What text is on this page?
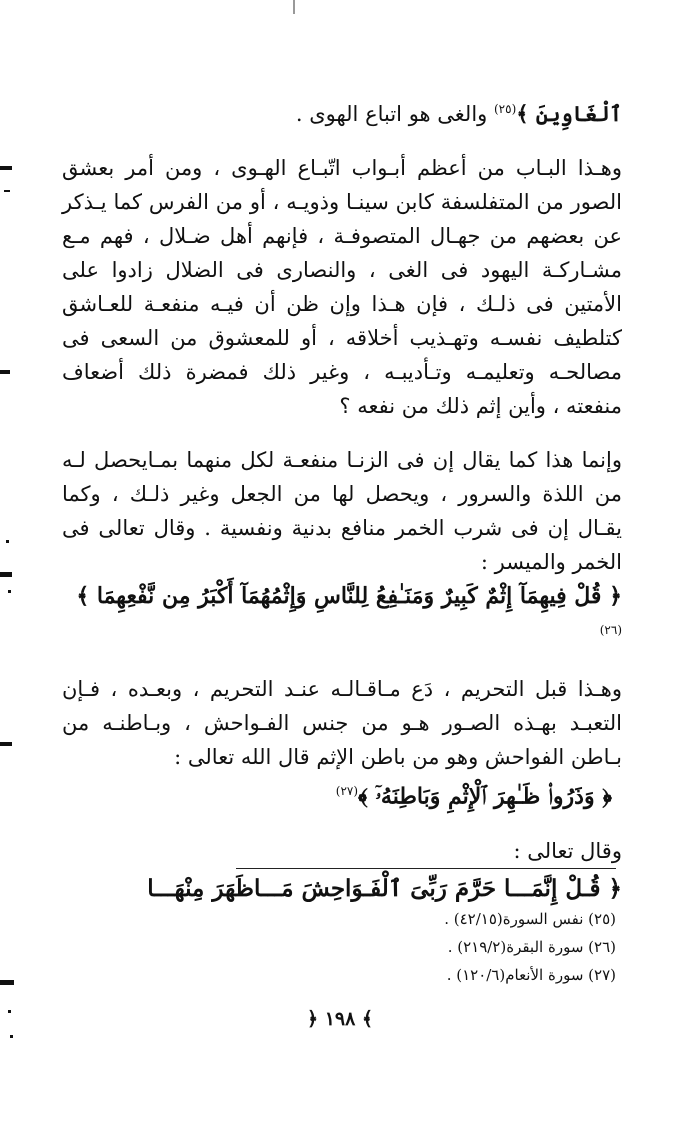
ٱلْغَاوِينَ ﴾$^{(٢٥)}$ والغى هو اتباع الهوى .

وهـذا البـاب من أعظم أبـواب اتّبـاع الهـوى ، ومن أمر بعشق الصور من المتفلسفة كابن سينـا وذويـه ، أو من الفرس كما يـذكر عن بعضهم من جهـال المتصوفـة ، فإنهم أهل ضـلال ، فهم مـع مشـاركـة اليهود فى الغى ، والنصارى فى الضلال زادوا على الأمتين فى ذلـك ، فإن هـذا وإن ظن أن فيـه منفعـة للعـاشق كتلطيف نفسـه وتهـذيب أخلاقه ، أو للمعشوق من السعى فى مصالحـه وتعليمـه وتـأديبـه ، وغير ذلك فمضرة ذلك أضعاف منفعته ، وأين إثم ذلك من نفعه ؟

وإنما هذا كما يقال إن فى الزنـا منفعـة لكل منهما بمـايحصل لـه من اللذة والسرور ، ويحصل لها من الجعل وغير ذلـك ، وكما يقـال إن فى شرب الخمر منافع بدنية ونفسية . وقال تعالى فى الخمر والميسر :

﴿ قُلْ فِيهِمَآ إِثْمٌ كَبِيرٌ وَمَنَـٰفِعُ لِلنَّاسِ وَإِثْمُهُمَآ أَكْبَرُ مِن نَّفْعِهِمَا ﴾$^{(٢٦)}$

وهـذا قبل التحريم ، دَع مـاقـالـه عنـد التحريم ، وبعـده ، فـإن التعبـد بهـذه الصـور هـو من جنس الفـواحش ، وبـاطنـه من بـاطن الفواحش وهو من باطن الإثم قال الله تعالى :

﴿ وَذَرُوا۟ ظَـٰهِرَ ٱلْإِثْمِ وَبَاطِنَهُۥٓ ﴾$^{(٢٧)}$

وقال تعالى :

﴿ قُـلْ إِنَّمَـــا حَرَّمَ رَبِّىَ ٱلْفَـوَاحِشَ مَـــاظَهَرَ مِنْهَـــا

(٢٥) نفس السورة(٤٢/١٥) .
(٢٦) سورة البقرة(٢١٩/٢) .
(٢٧) سورة الأنعام(١٢٠/٦) .
﴿ ١٩٨ ﴾
